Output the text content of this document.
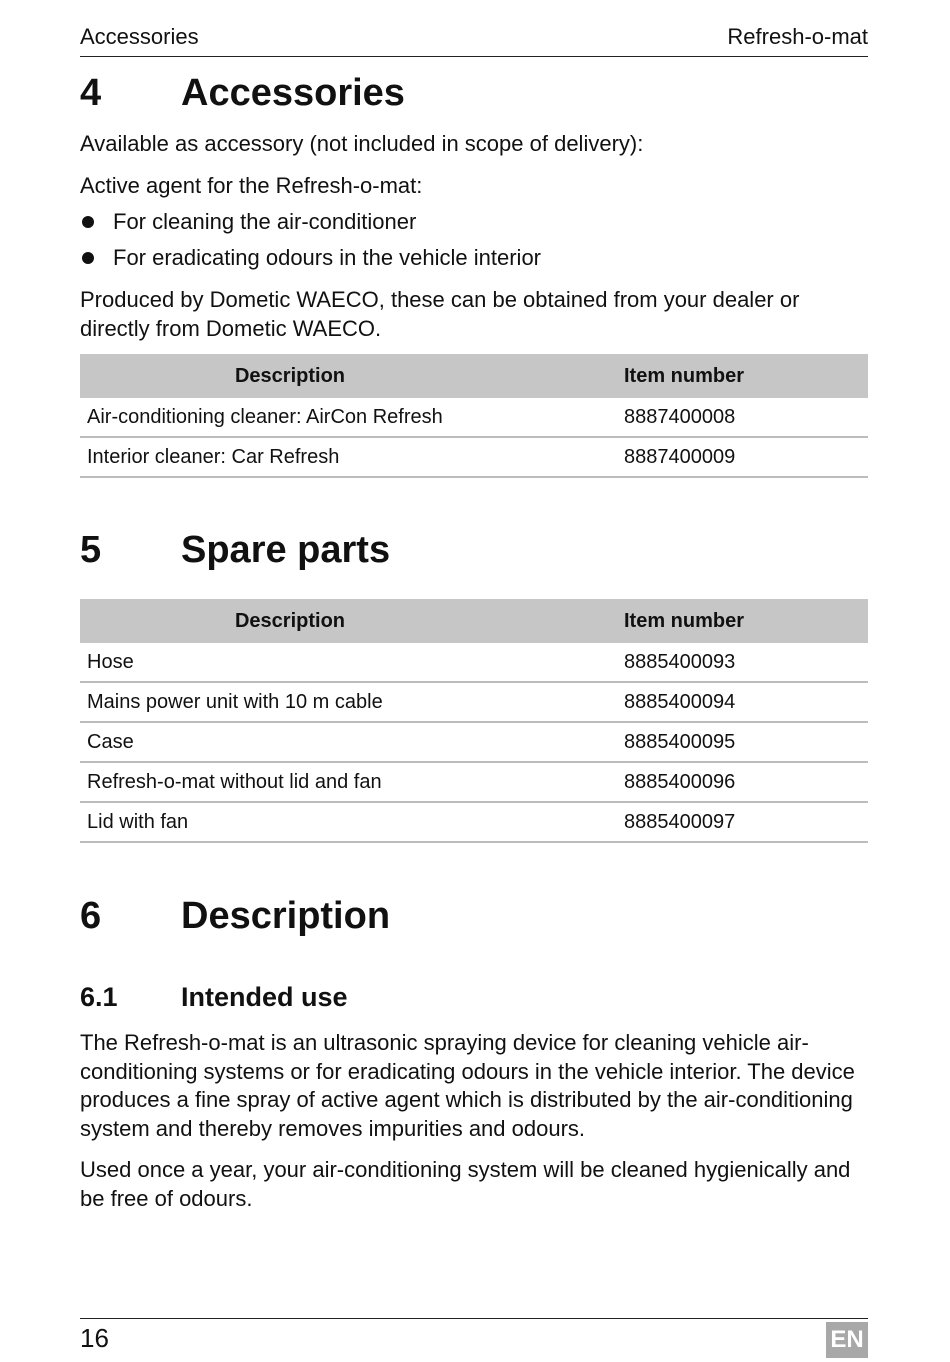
Accessories	Refresh-o-mat
4	Accessories

Available as accessory (not included in scope of delivery):

Active agent for the Refresh-o-mat:

For cleaning the air-conditioner
For eradicating odours in the vehicle interior

Produced by Dometic WAECO, these can be obtained from your dealer or directly from Dometic WAECO.

Description	Item number
Air-conditioning cleaner: AirCon Refresh	8887400008
Interior cleaner: Car Refresh	8887400009
5	Spare parts
Description	Item number
Hose	8885400093
Mains power unit with 10 m cable	8885400094
Case	8885400095
Refresh-o-mat without lid and fan	8885400096
Lid with fan	8885400097
6	Description
6.1	Intended use

The Refresh-o-mat is an ultrasonic spraying device for cleaning vehicle air-conditioning systems or for eradicating odours in the vehicle interior. The device produces a fine spray of active agent which is distributed by the air-conditioning system and thereby removes impurities and odours.

Used once a year, your air-conditioning system will be cleaned hygienically and be free of odours.

16	EN
